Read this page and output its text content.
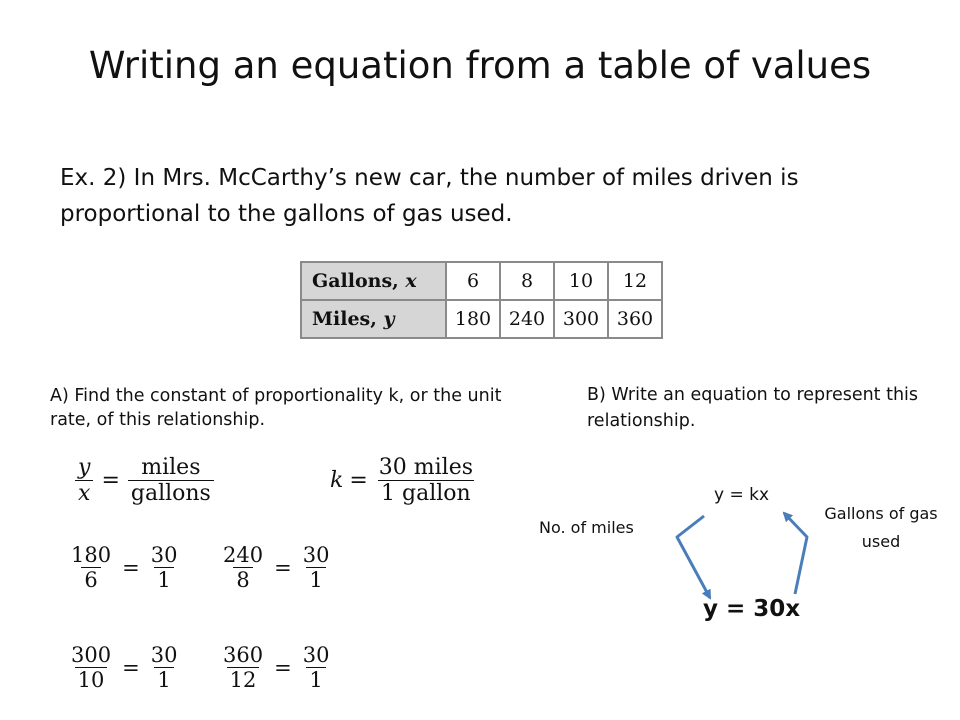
Writing an equation from a table of values
Ex. 2) In Mrs. McCarthy’s new car, the number of miles driven is proportional to the gallons of gas used.
Gallons, x	6	8	10	12
Miles, y	180	240	300	360
A) Find the constant of proportionality k, or the unit rate, of this relationship.
B) Write an equation to represent this relationship.
$\frac{y}{x} = \frac{\text{miles}}{\text{gallons}}$	$k = \frac{\text{30 miles}}{\text{1 gallon}}$
$\frac{180}{6} = \frac{30}{1} \frac{240}{8} = \frac{30}{1}$
$\frac{300}{10} = \frac{30}{1} \frac{360}{12} = \frac{30}{1}$
y = kx
No. of miles
Gallons of gas used
y = 30x
